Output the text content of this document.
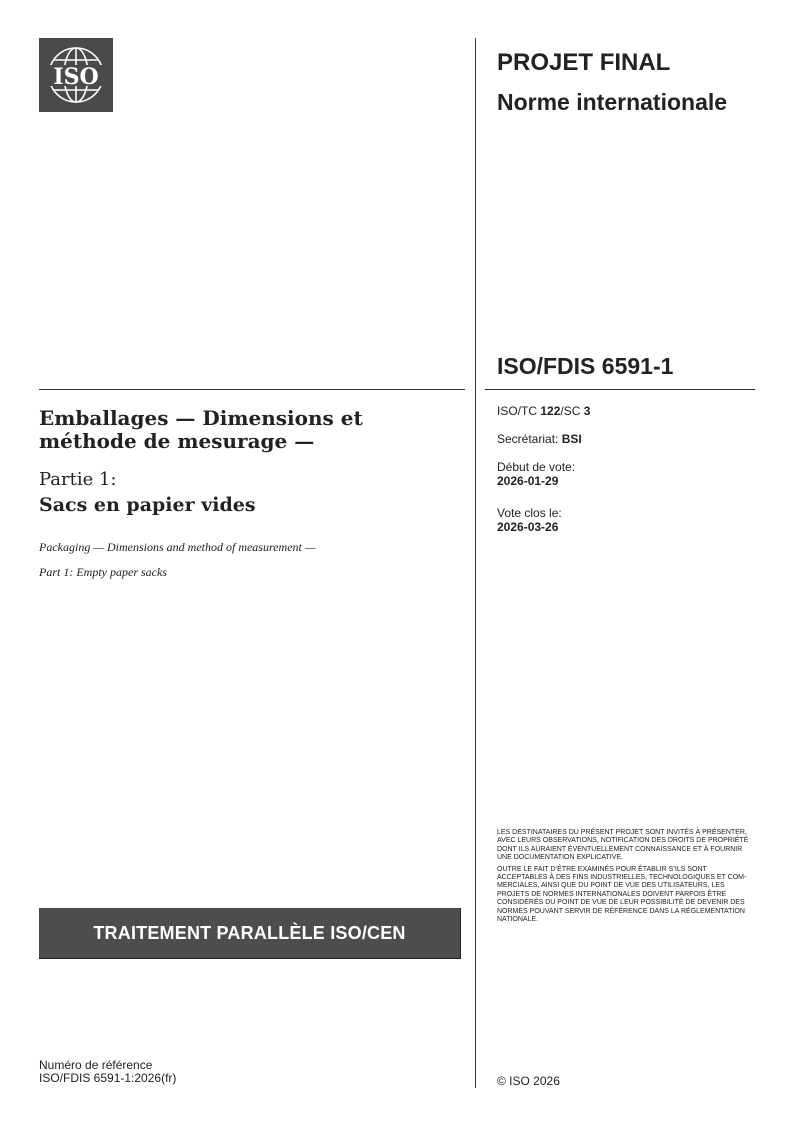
ISO
PROJET FINAL
Norme internationale
ISO/FDIS 6591-1
ISO/TC 122/SC 3
Secrétariat: BSI
Début de vote:
2026-01-29
Vote clos le:
2026-03-26
Emballages — Dimensions et méthode de mesurage —
Partie 1:
Sacs en papier vides
Packaging — Dimensions and method of measurement —
Part 1: Empty paper sacks

LES DESTINATAIRES DU PRÉSENT PROJET SONT INVITÉS À PRÉSENTER, AVEC LEURS OBSERVATIONS, NOTIFICATION DES DROITS DE PROPRIÉTÉ DONT ILS AURAIENT ÉVENTUELLEMENT CONNAISSANCE ET À FOURNIR UNE DOCUMENTATION EXPLICATIVE.

OUTRE LE FAIT D’ÊTRE EXAMINÉS POUR ÉTABLIR S’ILS SONT ACCEPTABLES À DES FINS INDUSTRIELLES, TECHNOLOGIQUES ET COM-MERCIALES, AINSI QUE DU POINT DE VUE DES UTILISATEURS, LES PROJETS DE NORMES INTERNATIONALES DOIVENT PARFOIS ÊTRE CONSIDÉRÉS DU POINT DE VUE DE LEUR POSSIBILITÉ DE DEVENIR DES NORMES POUVANT SERVIR DE RÉFÉRENCE DANS LA RÉGLEMENTATION NATIONALE.

TRAITEMENT PARALLÈLE ISO/CEN
Numéro de référence
ISO/FDIS 6591-1:2026(fr)	© ISO 2026
